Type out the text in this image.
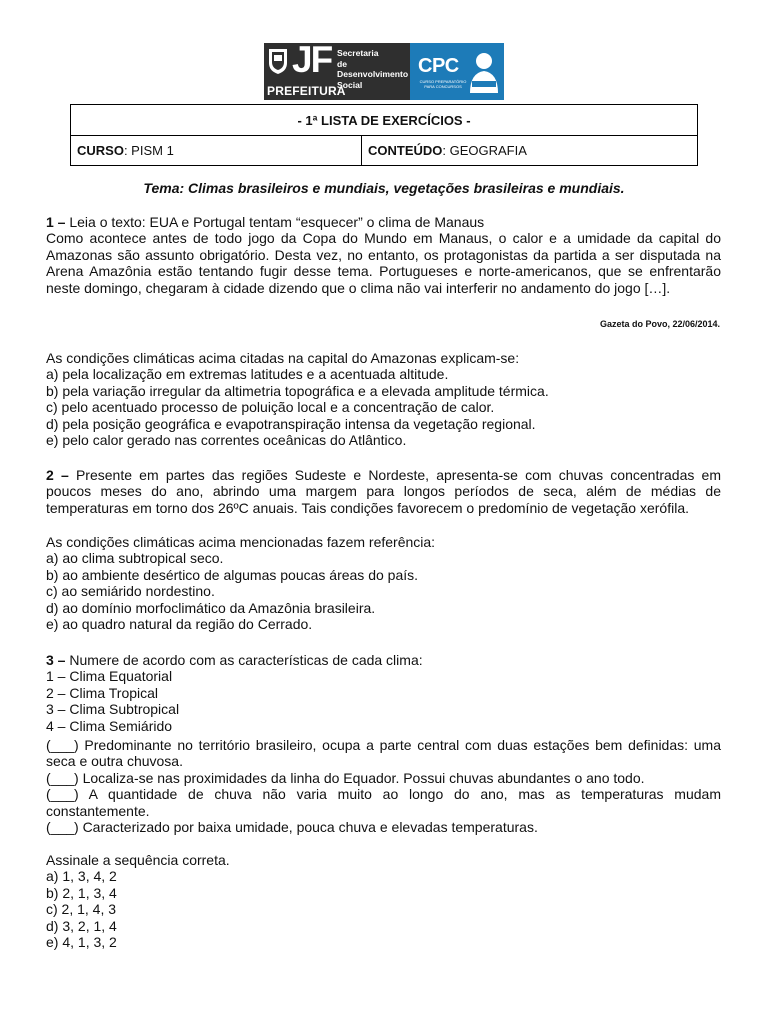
JF
PREFEITURA
Secretaria
de Desenvolvimento
Social
CPC
CURSO PREPARATÓRIO PARA CONCURSOS
- 1ª LISTA DE EXERCÍCIOS -
CURSO: PISM 1	CONTEÚDO: GEOGRAFIA
Tema: Climas brasileiros e mundiais, vegetações brasileiras e mundiais.

1 – Leia o texto: EUA e Portugal tentam “esquecer” o clima de Manaus

Como acontece antes de todo jogo da Copa do Mundo em Manaus, o calor e a umidade da capital do Amazonas são assunto obrigatório. Desta vez, no entanto, os protagonistas da partida a ser disputada na Arena Amazônia estão tentando fugir desse tema. Portugueses e norte-americanos, que se enfrentarão neste domingo, chegaram à cidade dizendo que o clima não vai interferir no andamento do jogo […].

Gazeta do Povo, 22/06/2014.

As condições climáticas acima citadas na capital do Amazonas explicam-se:

a) pela localização em extremas latitudes e a acentuada altitude.

b) pela variação irregular da altimetria topográfica e a elevada amplitude térmica.

c) pelo acentuado processo de poluição local e a concentração de calor.

d) pela posição geográfica e evapotranspiração intensa da vegetação regional.

e) pelo calor gerado nas correntes oceânicas do Atlântico.

2 – Presente em partes das regiões Sudeste e Nordeste, apresenta-se com chuvas concentradas em poucos meses do ano, abrindo uma margem para longos períodos de seca, além de médias de temperaturas em torno dos 26ºC anuais. Tais condições favorecem o predomínio de vegetação xerófila.

As condições climáticas acima mencionadas fazem referência:

a) ao clima subtropical seco.

b) ao ambiente desértico de algumas poucas áreas do país.

c) ao semiárido nordestino.

d) ao domínio morfoclimático da Amazônia brasileira.

e) ao quadro natural da região do Cerrado.

3 – Numere de acordo com as características de cada clima:

1 – Clima Equatorial

2 – Clima Tropical

3 – Clima Subtropical

4 – Clima Semiárido

(___) Predominante no território brasileiro, ocupa a parte central com duas estações bem definidas: uma seca e outra chuvosa.

(___) Localiza-se nas proximidades da linha do Equador. Possui chuvas abundantes o ano todo.

(___) A quantidade de chuva não varia muito ao longo do ano, mas as temperaturas mudam constantemente.

(___) Caracterizado por baixa umidade, pouca chuva e elevadas temperaturas.

Assinale a sequência correta.

a) 1, 3, 4, 2

b) 2, 1, 3, 4

c) 2, 1, 4, 3

d) 3, 2, 1, 4

e) 4, 1, 3, 2
